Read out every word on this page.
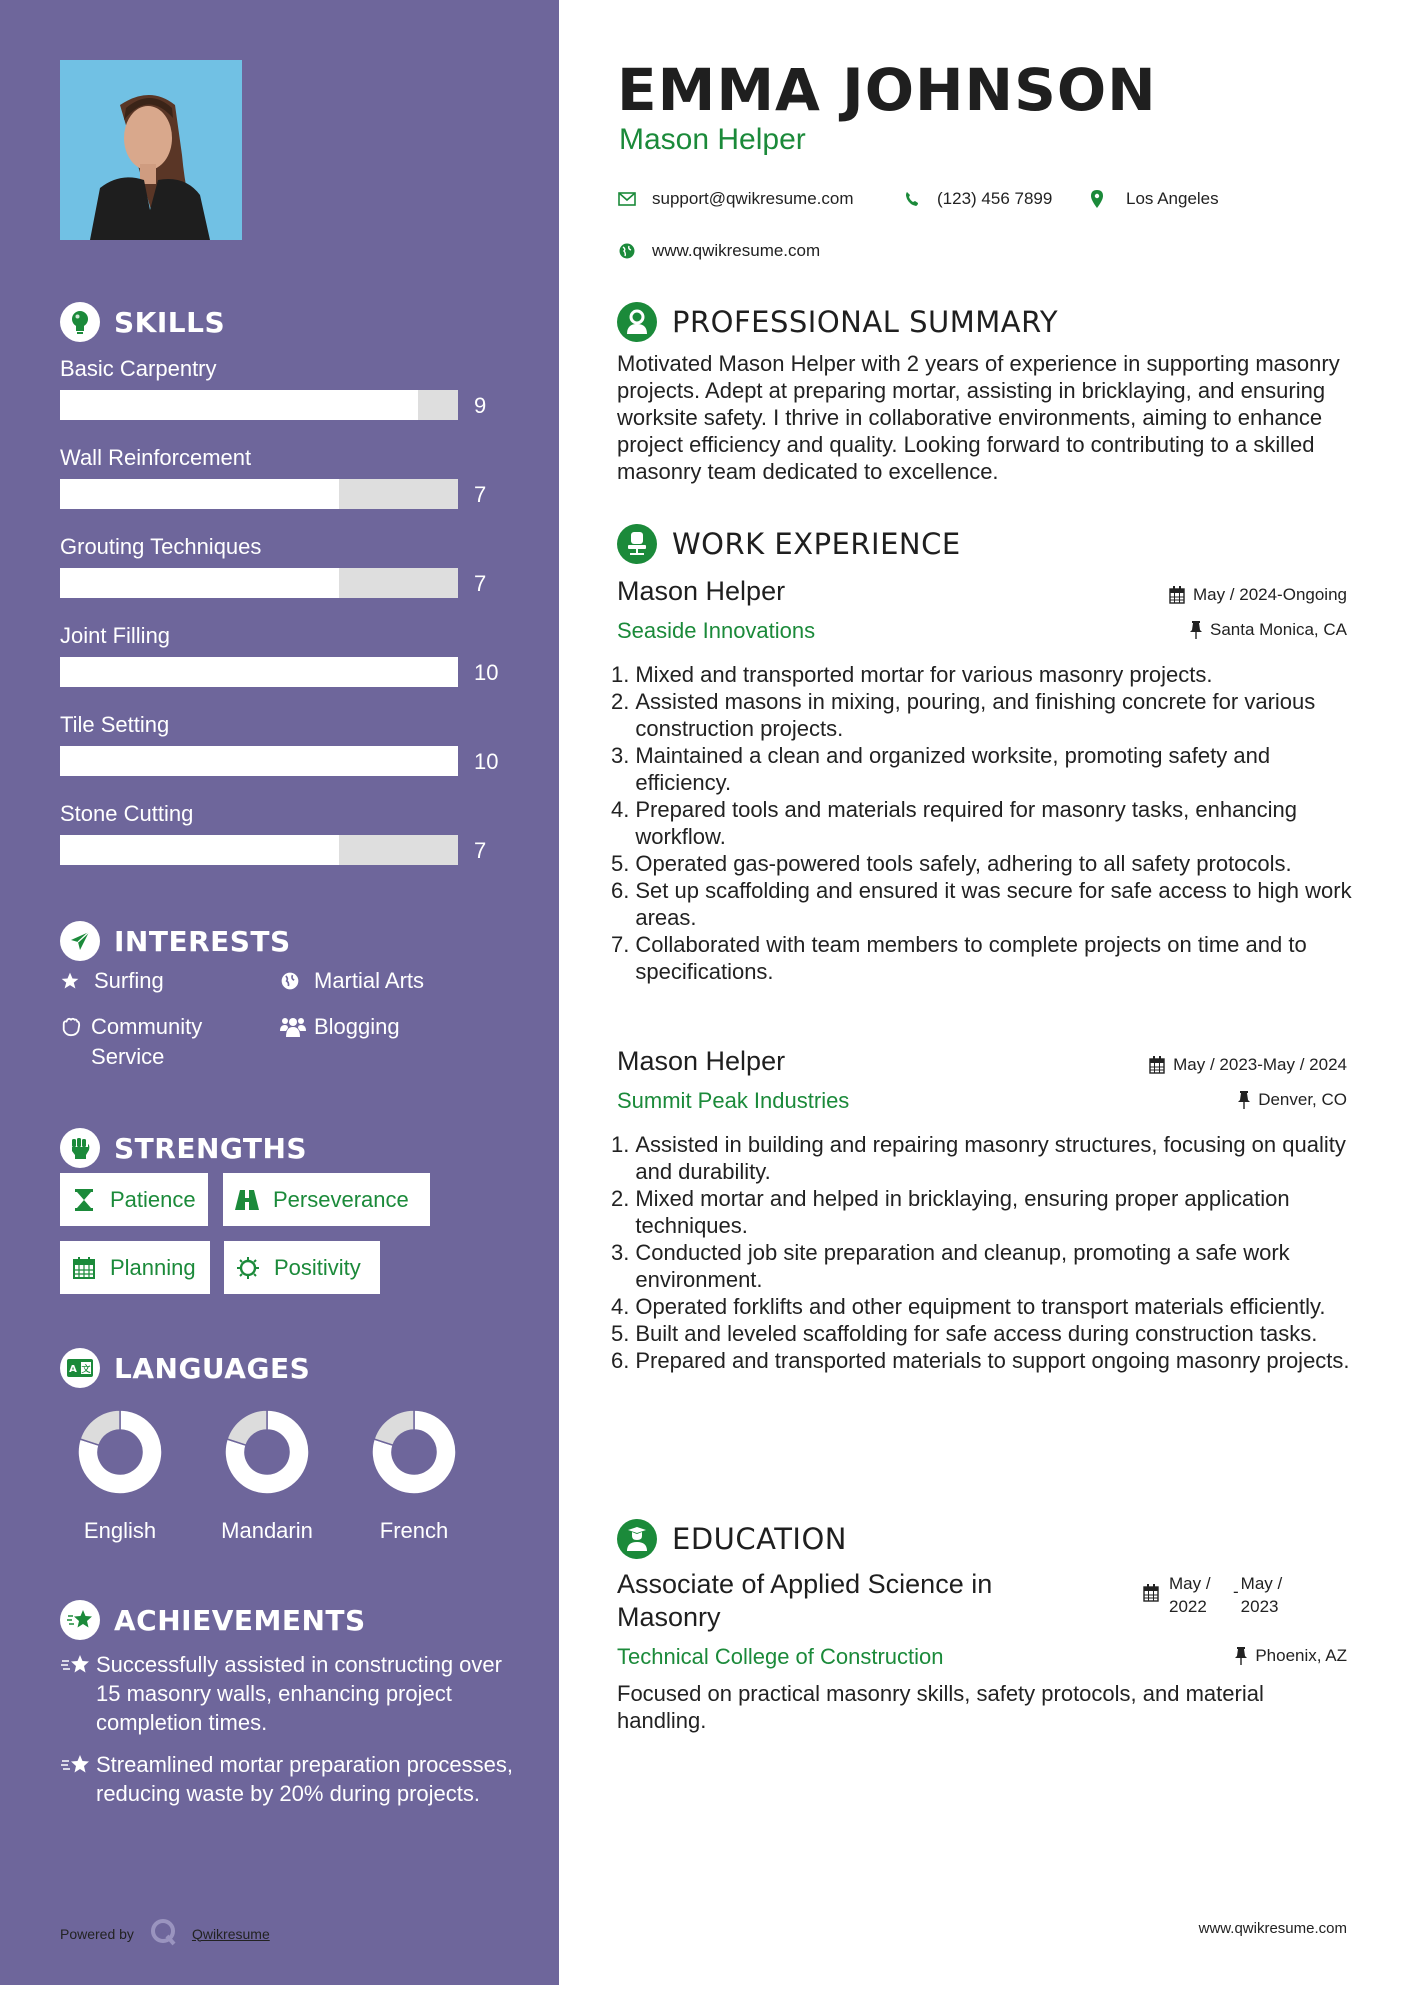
SKILLS
Basic Carpentry
9
Wall Reinforcement
7
Grouting Techniques
7
Joint Filling
10
Tile Setting
10
Stone Cutting
7
INTERESTS
Surfing	Martial Arts
Community Service
Blogging
STRENGTHS
Patience	Perseverance
Planning	Positivity
A 文 LANGUAGES
English	Mandarin	French
ACHIEVEMENTS
Successfully assisted in constructing over 15 masonry walls, enhancing project completion times.
Streamlined mortar preparation processes, reducing waste by 20% during projects.
Powered by	Qwikresume
EMMA JOHNSON
Mason Helper
support@qwikresume.com	(123) 456 7899	Los Angeles
www.qwikresume.com
PROFESSIONAL SUMMARY
Motivated Mason Helper with 2 years of experience in supporting masonry projects. Adept at preparing mortar, assisting in bricklaying, and ensuring worksite safety. I thrive in collaborative environments, aiming to enhance project efficiency and quality. Looking forward to contributing to a skilled masonry team dedicated to excellence.
WORK EXPERIENCE
Mason Helper	May / 2024-Ongoing
Seaside Innovations	Santa Monica, CA
1. Mixed and transported mortar for various masonry projects.
2. Assisted masons in mixing, pouring, and finishing concrete for various construction projects.
3. Maintained a clean and organized worksite, promoting safety and efficiency.
4. Prepared tools and materials required for masonry tasks, enhancing workflow.
5. Operated gas-powered tools safely, adhering to all safety protocols.
6. Set up scaffolding and ensured it was secure for safe access to high work areas.
7. Collaborated with team members to complete projects on time and to specifications.
Mason Helper	May / 2023-May / 2024
Summit Peak Industries	Denver, CO
1. Assisted in building and repairing masonry structures, focusing on quality and durability.
2. Mixed mortar and helped in bricklaying, ensuring proper application techniques.
3. Conducted job site preparation and cleanup, promoting a safe work environment.
4. Operated forklifts and other equipment to transport materials efficiently.
5. Built and leveled scaffolding for safe access during construction tasks.
6. Prepared and transported materials to support ongoing masonry projects.
EDUCATION
Associate of Applied Science in Masonry
May / 2022
- May / 2023
Technical College of Construction	Phoenix, AZ
Focused on practical masonry skills, safety protocols, and material handling.
www.qwikresume.com
